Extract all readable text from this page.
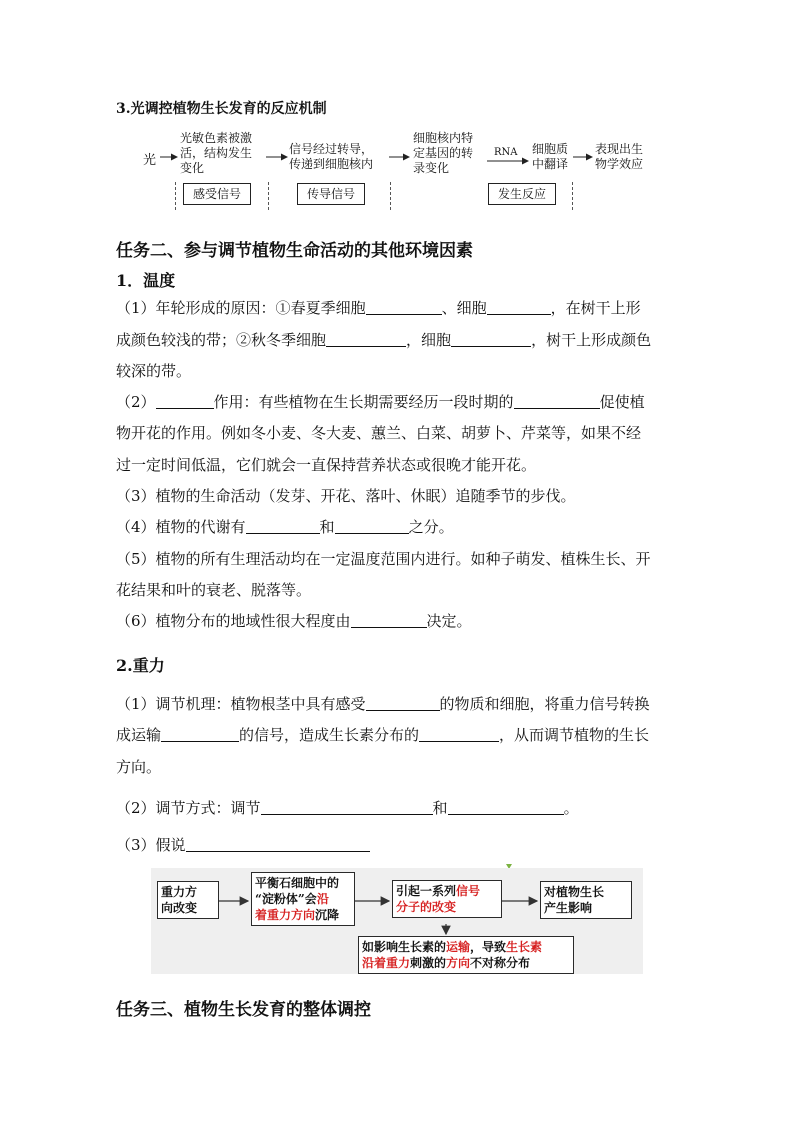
3.光调控植物生长发育的反应机制
光
光敏色素被激
活，结构发生
变化
信号经过转导，
传递到细胞核内
细胞核内特
定基因的转
录变化
RNA 细胞质
中翻译
表现出生
物学效应
感受信号	传导信号	发生反应
任务二、参与调节植物生命活动的其他环境因素
1．温度
（1）年轮形成的原因：①春夏季细胞	、细胞	，在树干上形
成颜色较浅的带；②秋冬季细胞	，细胞	，树干上形成颜色
较深的带。
（2）	作用：有些植物在生长期需要经历一段时期的	促使植
物开花的作用。例如冬小麦、冬大麦、蕙兰、白菜、胡萝卜、芹菜等，如果不经
过一定时间低温，它们就会一直保持营养状态或很晚才能开花。
（3）植物的生命活动（发芽、开花、落叶、休眠）追随季节的步伐。
（4）植物的代谢有	和	之分。
（5）植物的所有生理活动均在一定温度范围内进行。如种子萌发、植株生长、开
花结果和叶的衰老、脱落等。
（6）植物分布的地域性很大程度由	决定。
2.重力
（1）调节机理：植物根茎中具有感受	的物质和细胞，将重力信号转换
成运输	的信号，造成生长素分布的	，从而调节植物的生长
方向。
（2）调节方式：调节	和	。
（3）假说
重力方
向改变
平衡石细胞中的
“淀粉体”会沿
着重力方向沉降
引起一系列信号
分子的改变
对植物生长
产生影响
如影响生长素的运输，导致生长素
沿着重力刺激的方向不对称分布
任务三、植物生长发育的整体调控
